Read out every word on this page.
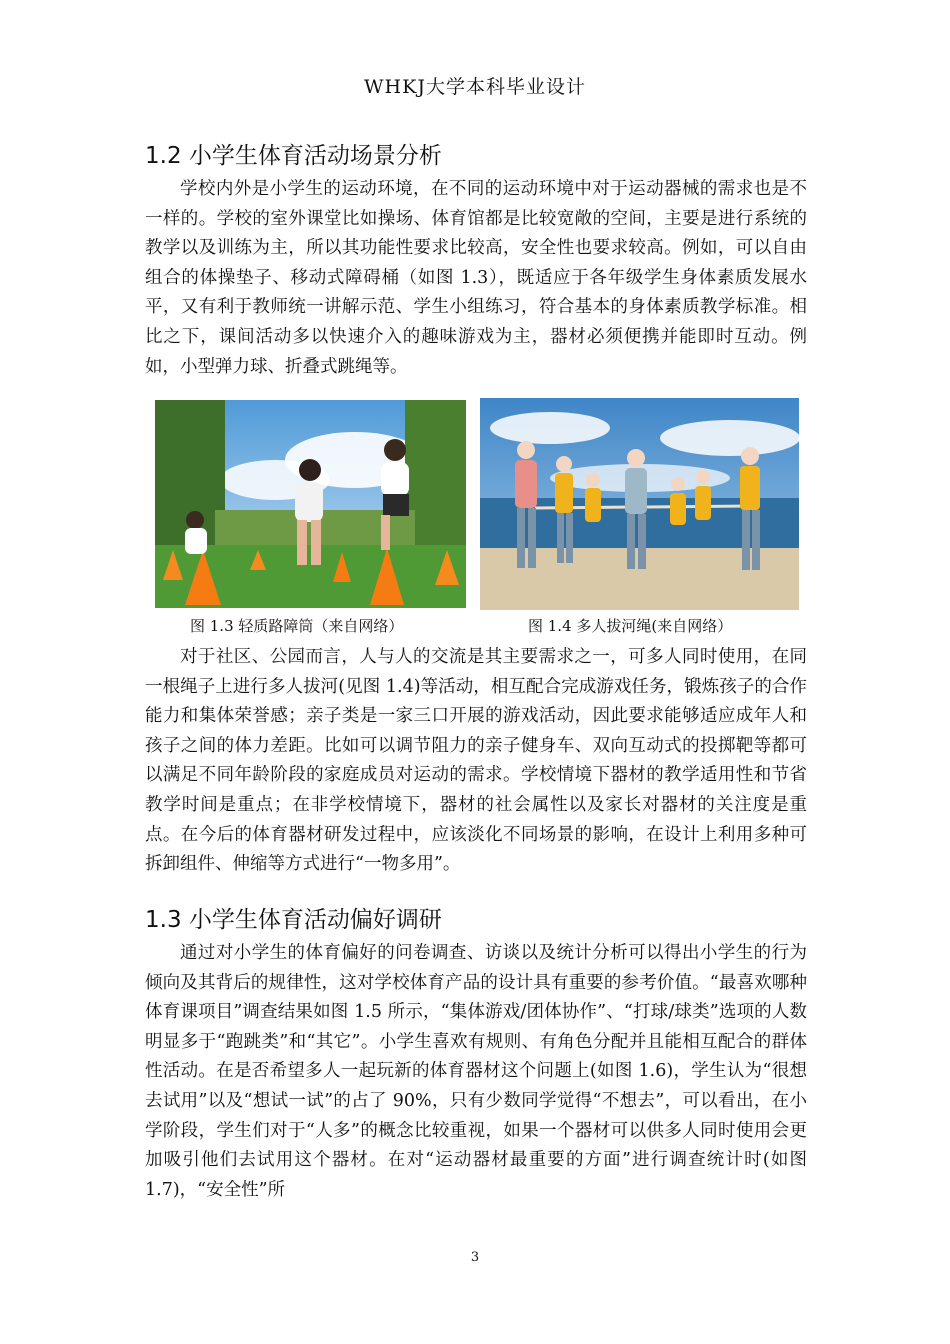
WHKJ大学本科毕业设计
1.2 小学生体育活动场景分析

学校内外是小学生的运动环境，在不同的运动环境中对于运动器械的需求也是不一样的。学校的室外课堂比如操场、体育馆都是比较宽敞的空间，主要是进行系统的教学以及训练为主，所以其功能性要求比较高，安全性也要求较高。例如，可以自由组合的体操垫子、移动式障碍桶（如图 1.3），既适应于各年级学生身体素质发展水平，又有利于教师统一讲解示范、学生小组练习，符合基本的身体素质教学标准。相比之下，课间活动多以快速介入的趣味游戏为主，器材必须便携并能即时互动。例如，小型弹力球、折叠式跳绳等。

图 1.3 轻质路障筒（来自网络）	图 1.4 多人拔河绳(来自网络）

对于社区、公园而言，人与人的交流是其主要需求之一，可多人同时使用，在同一根绳子上进行多人拔河(见图 1.4)等活动，相互配合完成游戏任务，锻炼孩子的合作能力和集体荣誉感；亲子类是一家三口开展的游戏活动，因此要求能够适应成年人和孩子之间的体力差距。比如可以调节阻力的亲子健身车、双向互动式的投掷靶等都可以满足不同年龄阶段的家庭成员对运动的需求。学校情境下器材的教学适用性和节省教学时间是重点；在非学校情境下，器材的社会属性以及家长对器材的关注度是重点。在今后的体育器材研发过程中，应该淡化不同场景的影响，在设计上利用多种可拆卸组件、伸缩等方式进行“一物多用”。

1.3 小学生体育活动偏好调研

通过对小学生的体育偏好的问卷调查、访谈以及统计分析可以得出小学生的行为倾向及其背后的规律性，这对学校体育产品的设计具有重要的参考价值。“最喜欢哪种体育课项目”调查结果如图 1.5 所示，“集体游戏/团体协作”、“打球/球类”选项的人数明显多于“跑跳类”和“其它”。小学生喜欢有规则、有角色分配并且能相互配合的群体性活动。在是否希望多人一起玩新的体育器材这个问题上(如图 1.6)，学生认为“很想去试用”以及“想试一试”的占了 90%，只有少数同学觉得“不想去”，可以看出，在小学阶段，学生们对于“人多”的概念比较重视，如果一个器材可以供多人同时使用会更加吸引他们去试用这个器材。在对“运动器材最重要的方面”进行调查统计时(如图 1.7)，“安全性”所

3
